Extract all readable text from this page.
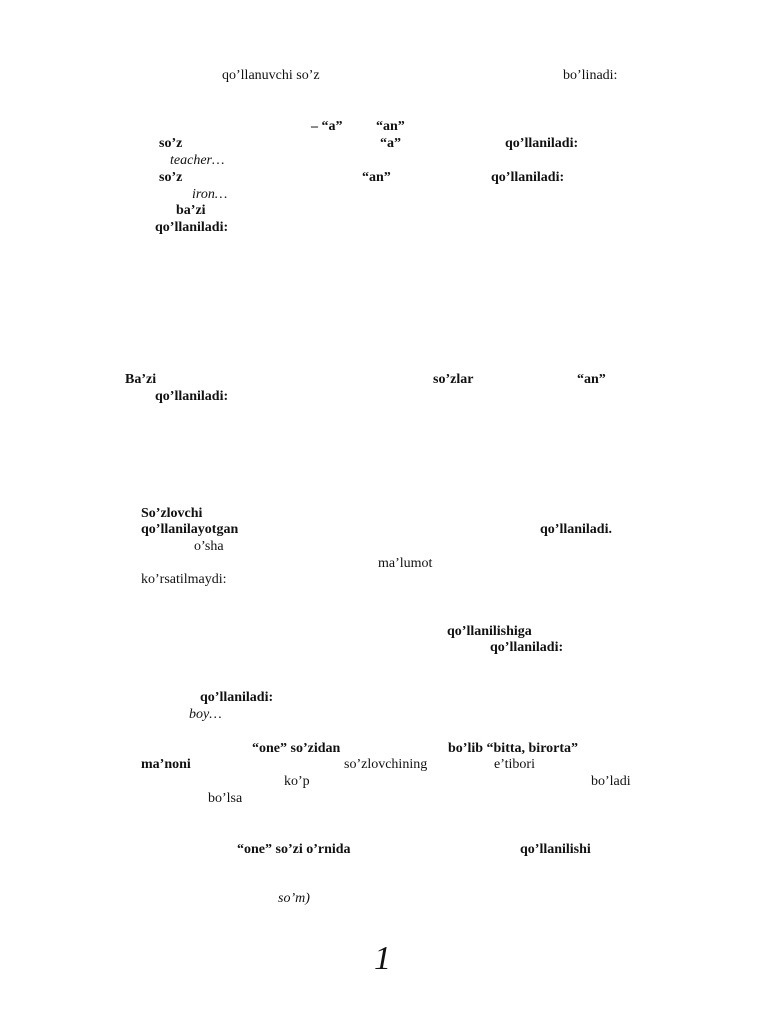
qo’llanuvchi so’z	bo’linadi:
– “a” “an”
so’z	“a”	qo’llaniladi:
teacher…
so’z	“an”	qo’llaniladi:
iron…
ba’zi
qo’llaniladi:
Ba’zi	so’zlar	“an”
qo’llaniladi:
So’zlovchi
qo’llanilayotgan	qo’llaniladi.
o’sha
ma’lumot
ko’rsatilmaydi:
qo’llanilishiga
qo’llaniladi:
qo’llaniladi:
boy…
“one” so’zidan	bo’lib “bitta, birorta”
ma’noni	so’zlovchining	e’tibori
ko’p	bo’ladi
bo’lsa
“one” so’zi o’rnida	qo’llanilishi
so’m)
1
